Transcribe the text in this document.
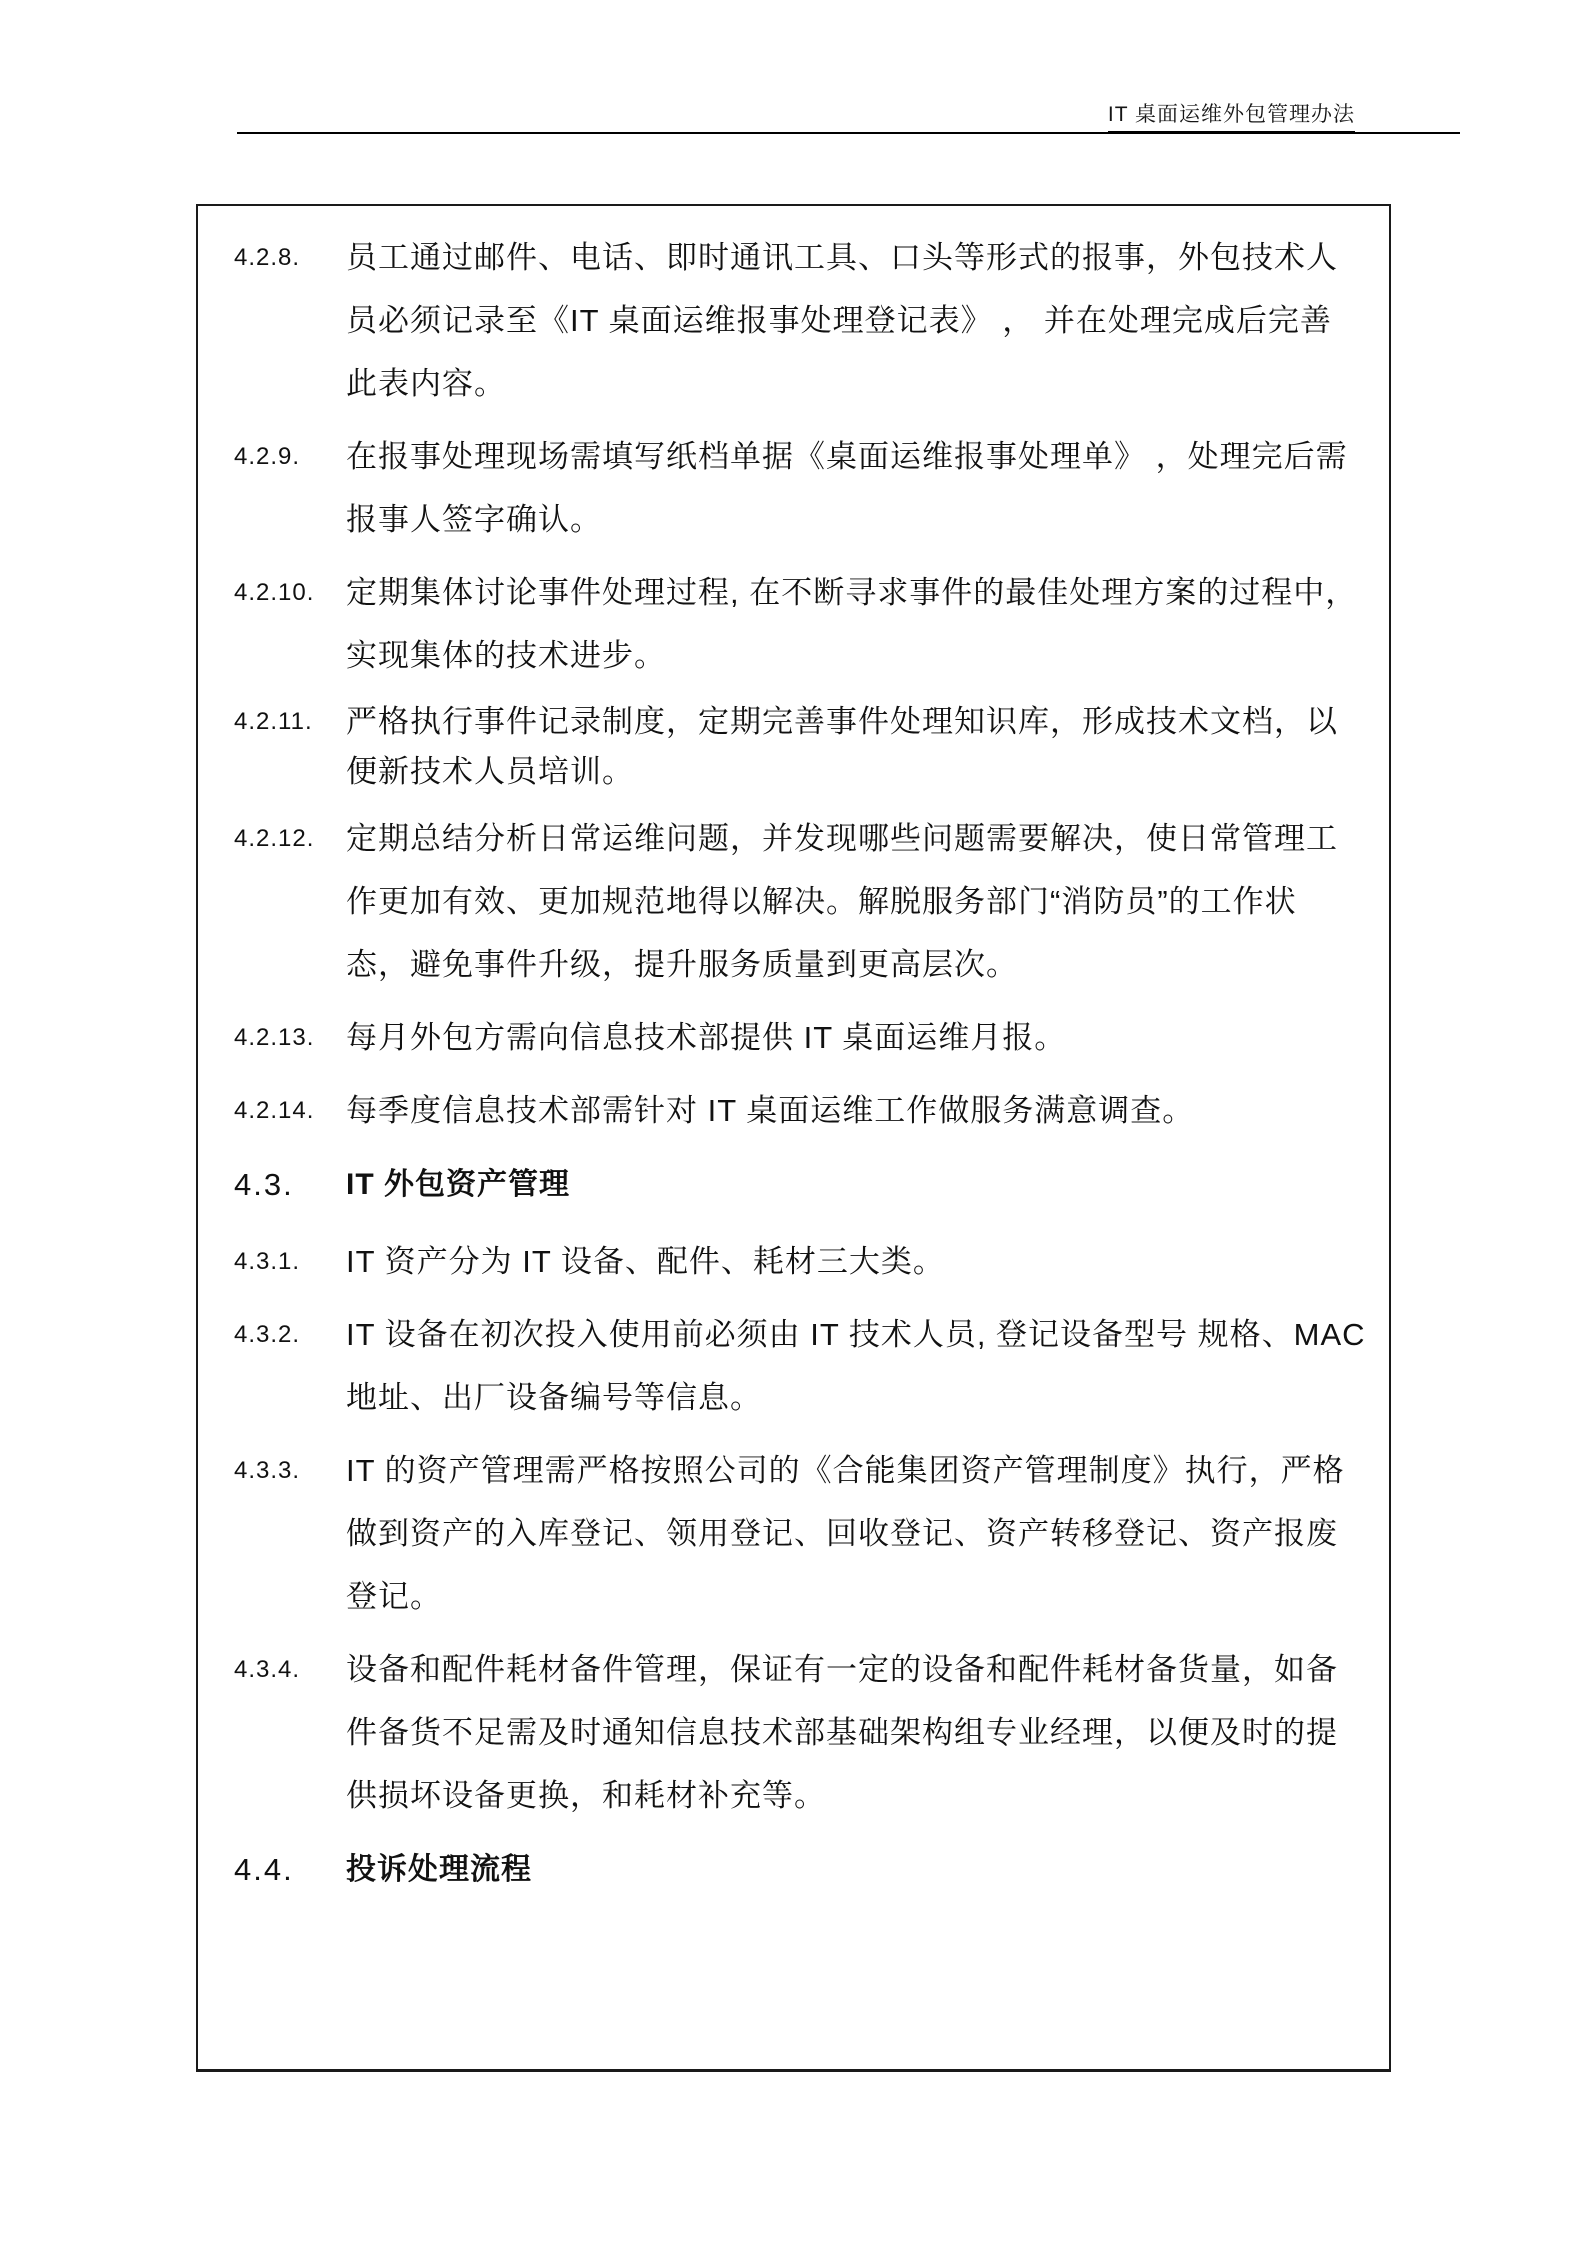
IT 桌面运维外包管理办法
4.2.8.	员工通过邮件、电话、即时通讯工具、口头等形式的报事，外包技术人
员必须记录至《IT 桌面运维报事处理登记表》 ， 并在处理完成后完善
此表内容。
4.2.9.	在报事处理现场需填写纸档单据《桌面运维报事处理单》 ，处理完后需
报事人签字确认。
4.2.10.	定期集体讨论事件处理过程, 在不断寻求事件的最佳处理方案的过程中，
实现集体的技术进步。
4.2.11.	严格执行事件记录制度，定期完善事件处理知识库，形成技术文档，以
便新技术人员培训。
4.2.12.	定期总结分析日常运维问题，并发现哪些问题需要解决，使日常管理工
作更加有效、更加规范地得以解决。解脱服务部门“消防员”的工作状
态，避免事件升级，提升服务质量到更高层次。
4.2.13.	每月外包方需向信息技术部提供 IT 桌面运维月报。
4.2.14.	每季度信息技术部需针对 IT 桌面运维工作做服务满意调查。
4.3.	IT 外包资产管理
4.3.1.	IT 资产分为 IT 设备、配件、耗材三大类。
4.3.2.	IT 设备在初次投入使用前必须由 IT 技术人员, 登记设备型号 规格、MAC
地址、出厂设备编号等信息。
4.3.3.	IT 的资产管理需严格按照公司的《合能集团资产管理制度》执行，严格
做到资产的入库登记、领用登记、回收登记、资产转移登记、资产报废
登记。
4.3.4.	设备和配件耗材备件管理，保证有一定的设备和配件耗材备货量，如备
件备货不足需及时通知信息技术部基础架构组专业经理，以便及时的提
供损坏设备更换，和耗材补充等。
4.4.	投诉处理流程
